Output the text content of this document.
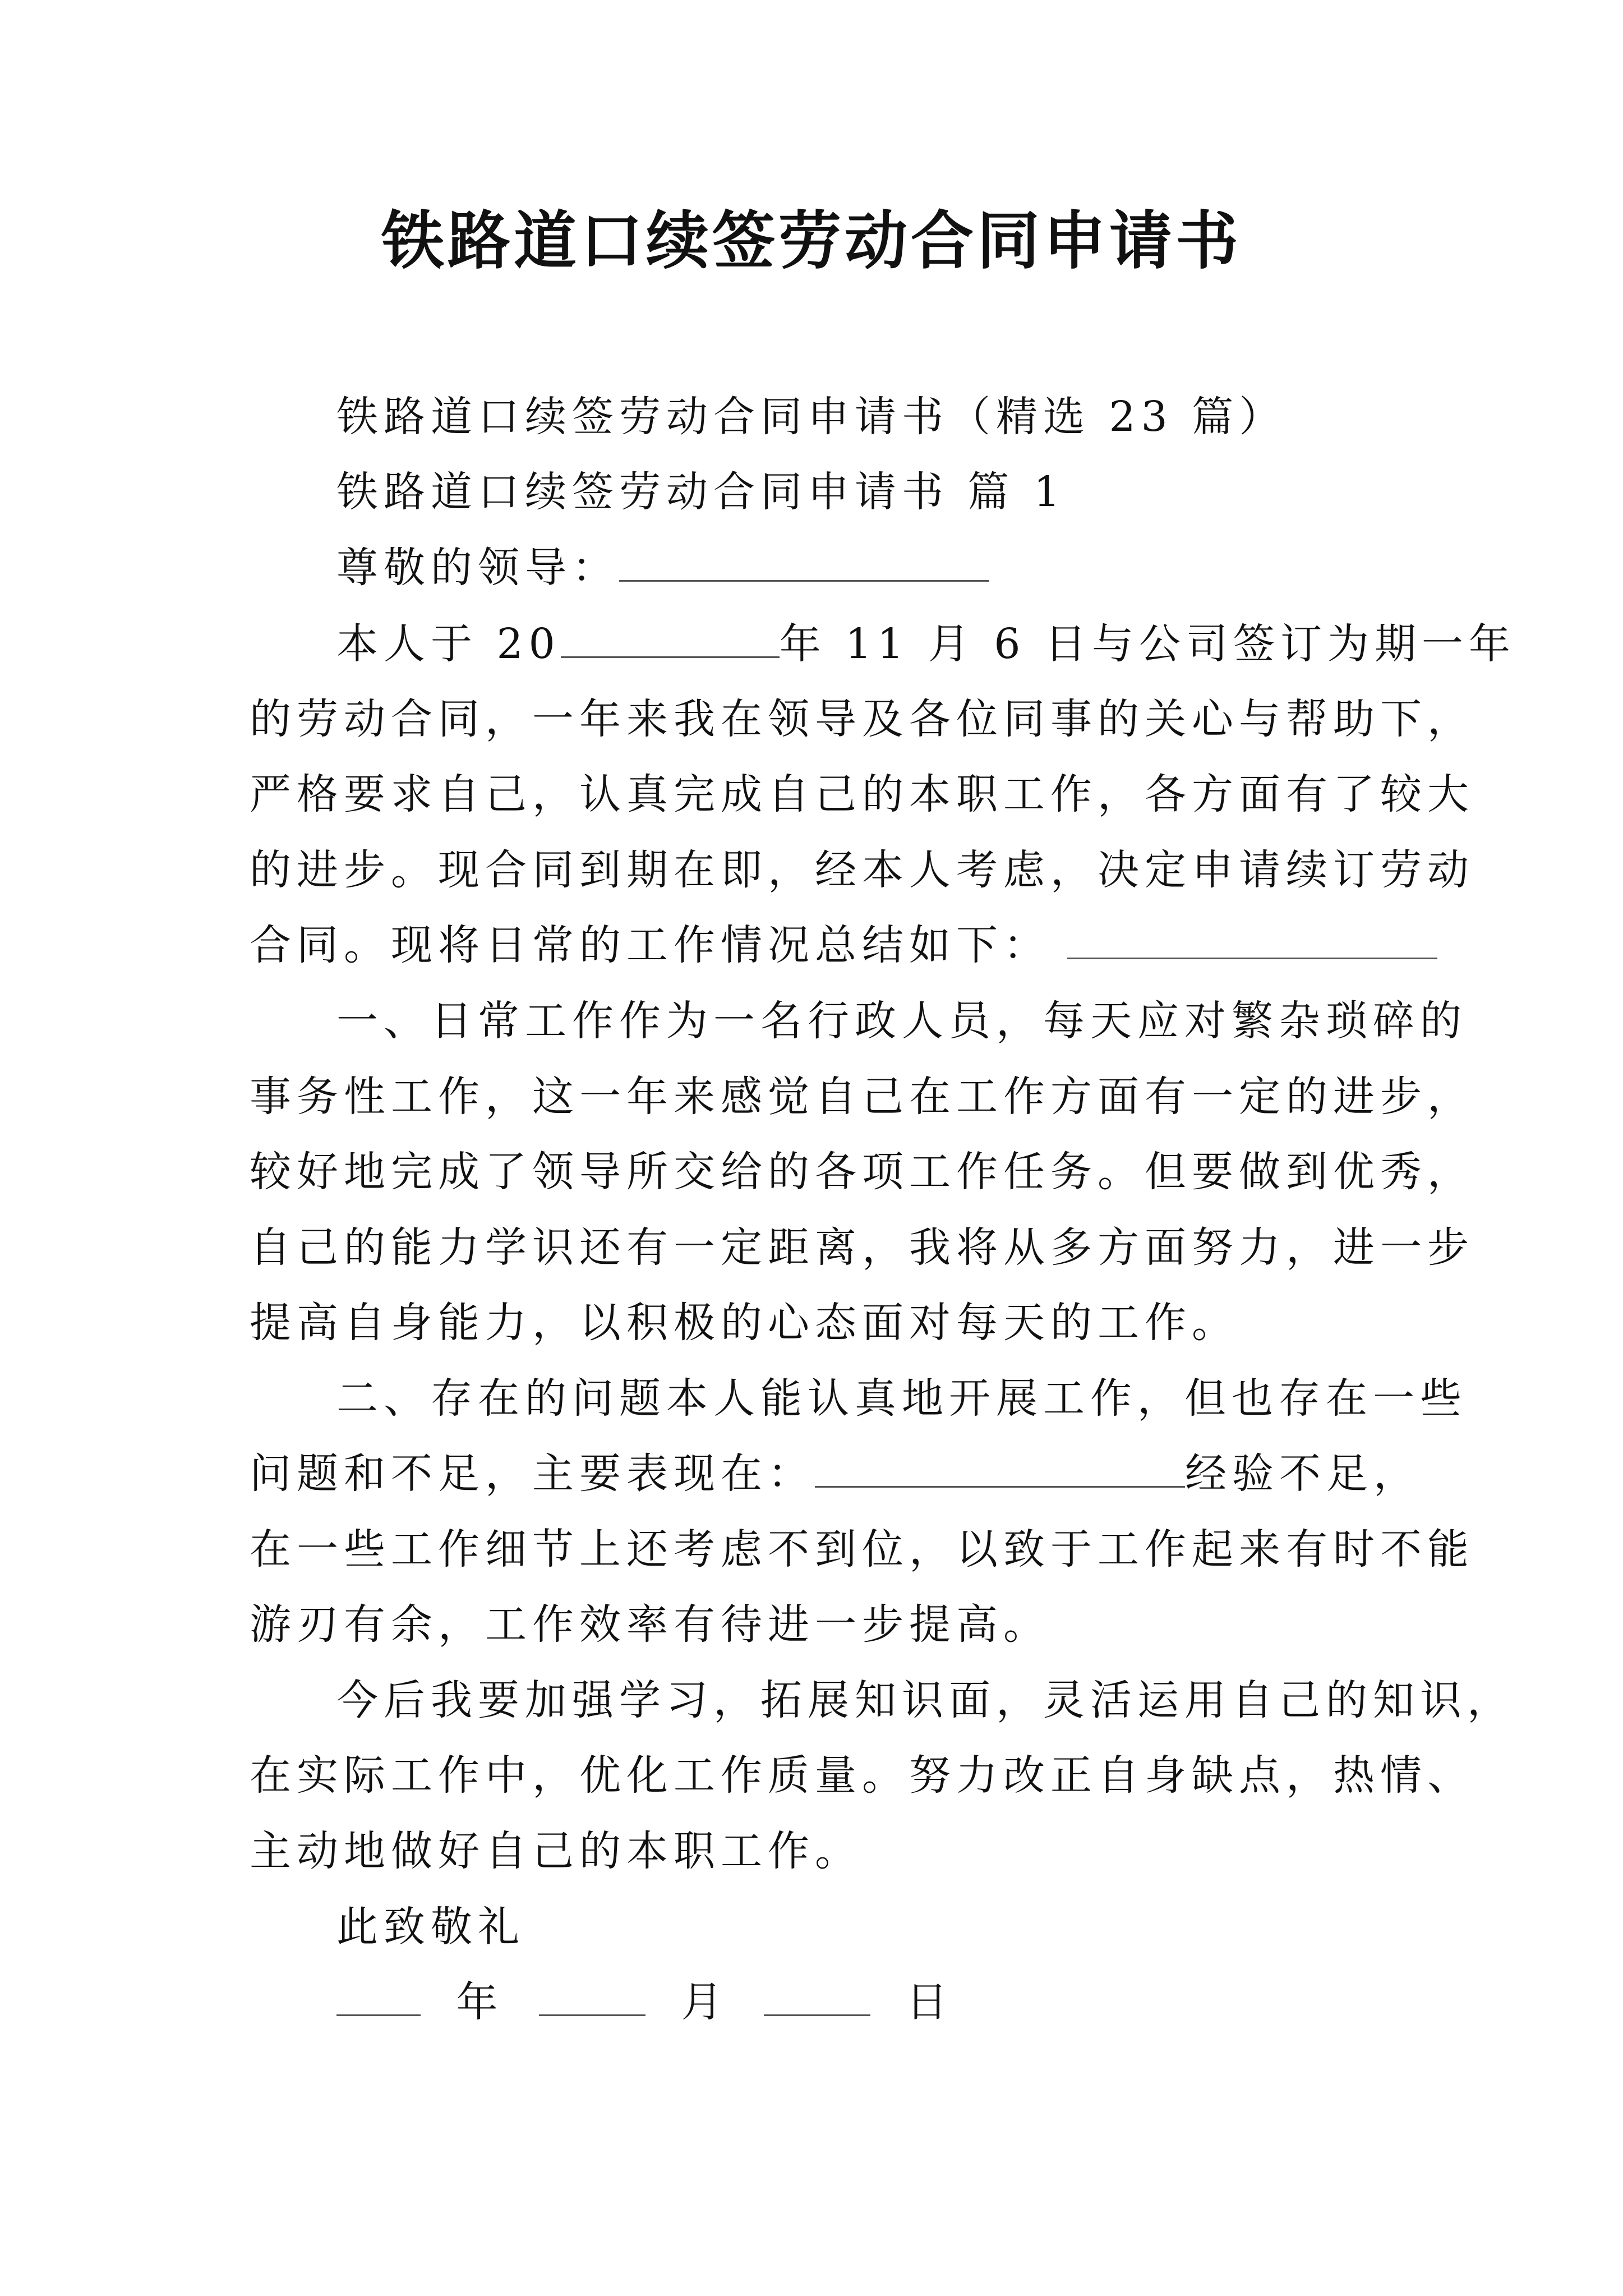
铁路道口续签劳动合同申请书
铁路道口续签劳动合同申请书（精选 23 篇）
铁路道口续签劳动合同申请书 篇 1
尊敬的领导：
本人于 20	年 11 月 6 日与公司签订为期一年
的劳动合同，一年来我在领导及各位同事的关心与帮助下，
严格要求自己，认真完成自己的本职工作，各方面有了较大
的进步。现合同到期在即，经本人考虑，决定申请续订劳动
合同。现将日常的工作情况总结如下：
一、日常工作作为一名行政人员，每天应对繁杂琐碎的
事务性工作，这一年来感觉自己在工作方面有一定的进步，
较好地完成了领导所交给的各项工作任务。但要做到优秀，
自己的能力学识还有一定距离，我将从多方面努力，进一步
提高自身能力，以积极的心态面对每天的工作。
二、存在的问题本人能认真地开展工作，但也存在一些
问题和不足，主要表现在：	经验不足，
在一些工作细节上还考虑不到位，以致于工作起来有时不能
游刃有余，工作效率有待进一步提高。
今后我要加强学习，拓展知识面，灵活运用自己的知识，
在实际工作中，优化工作质量。努力改正自身缺点，热情、
主动地做好自己的本职工作。
此致敬礼
年	月	日
